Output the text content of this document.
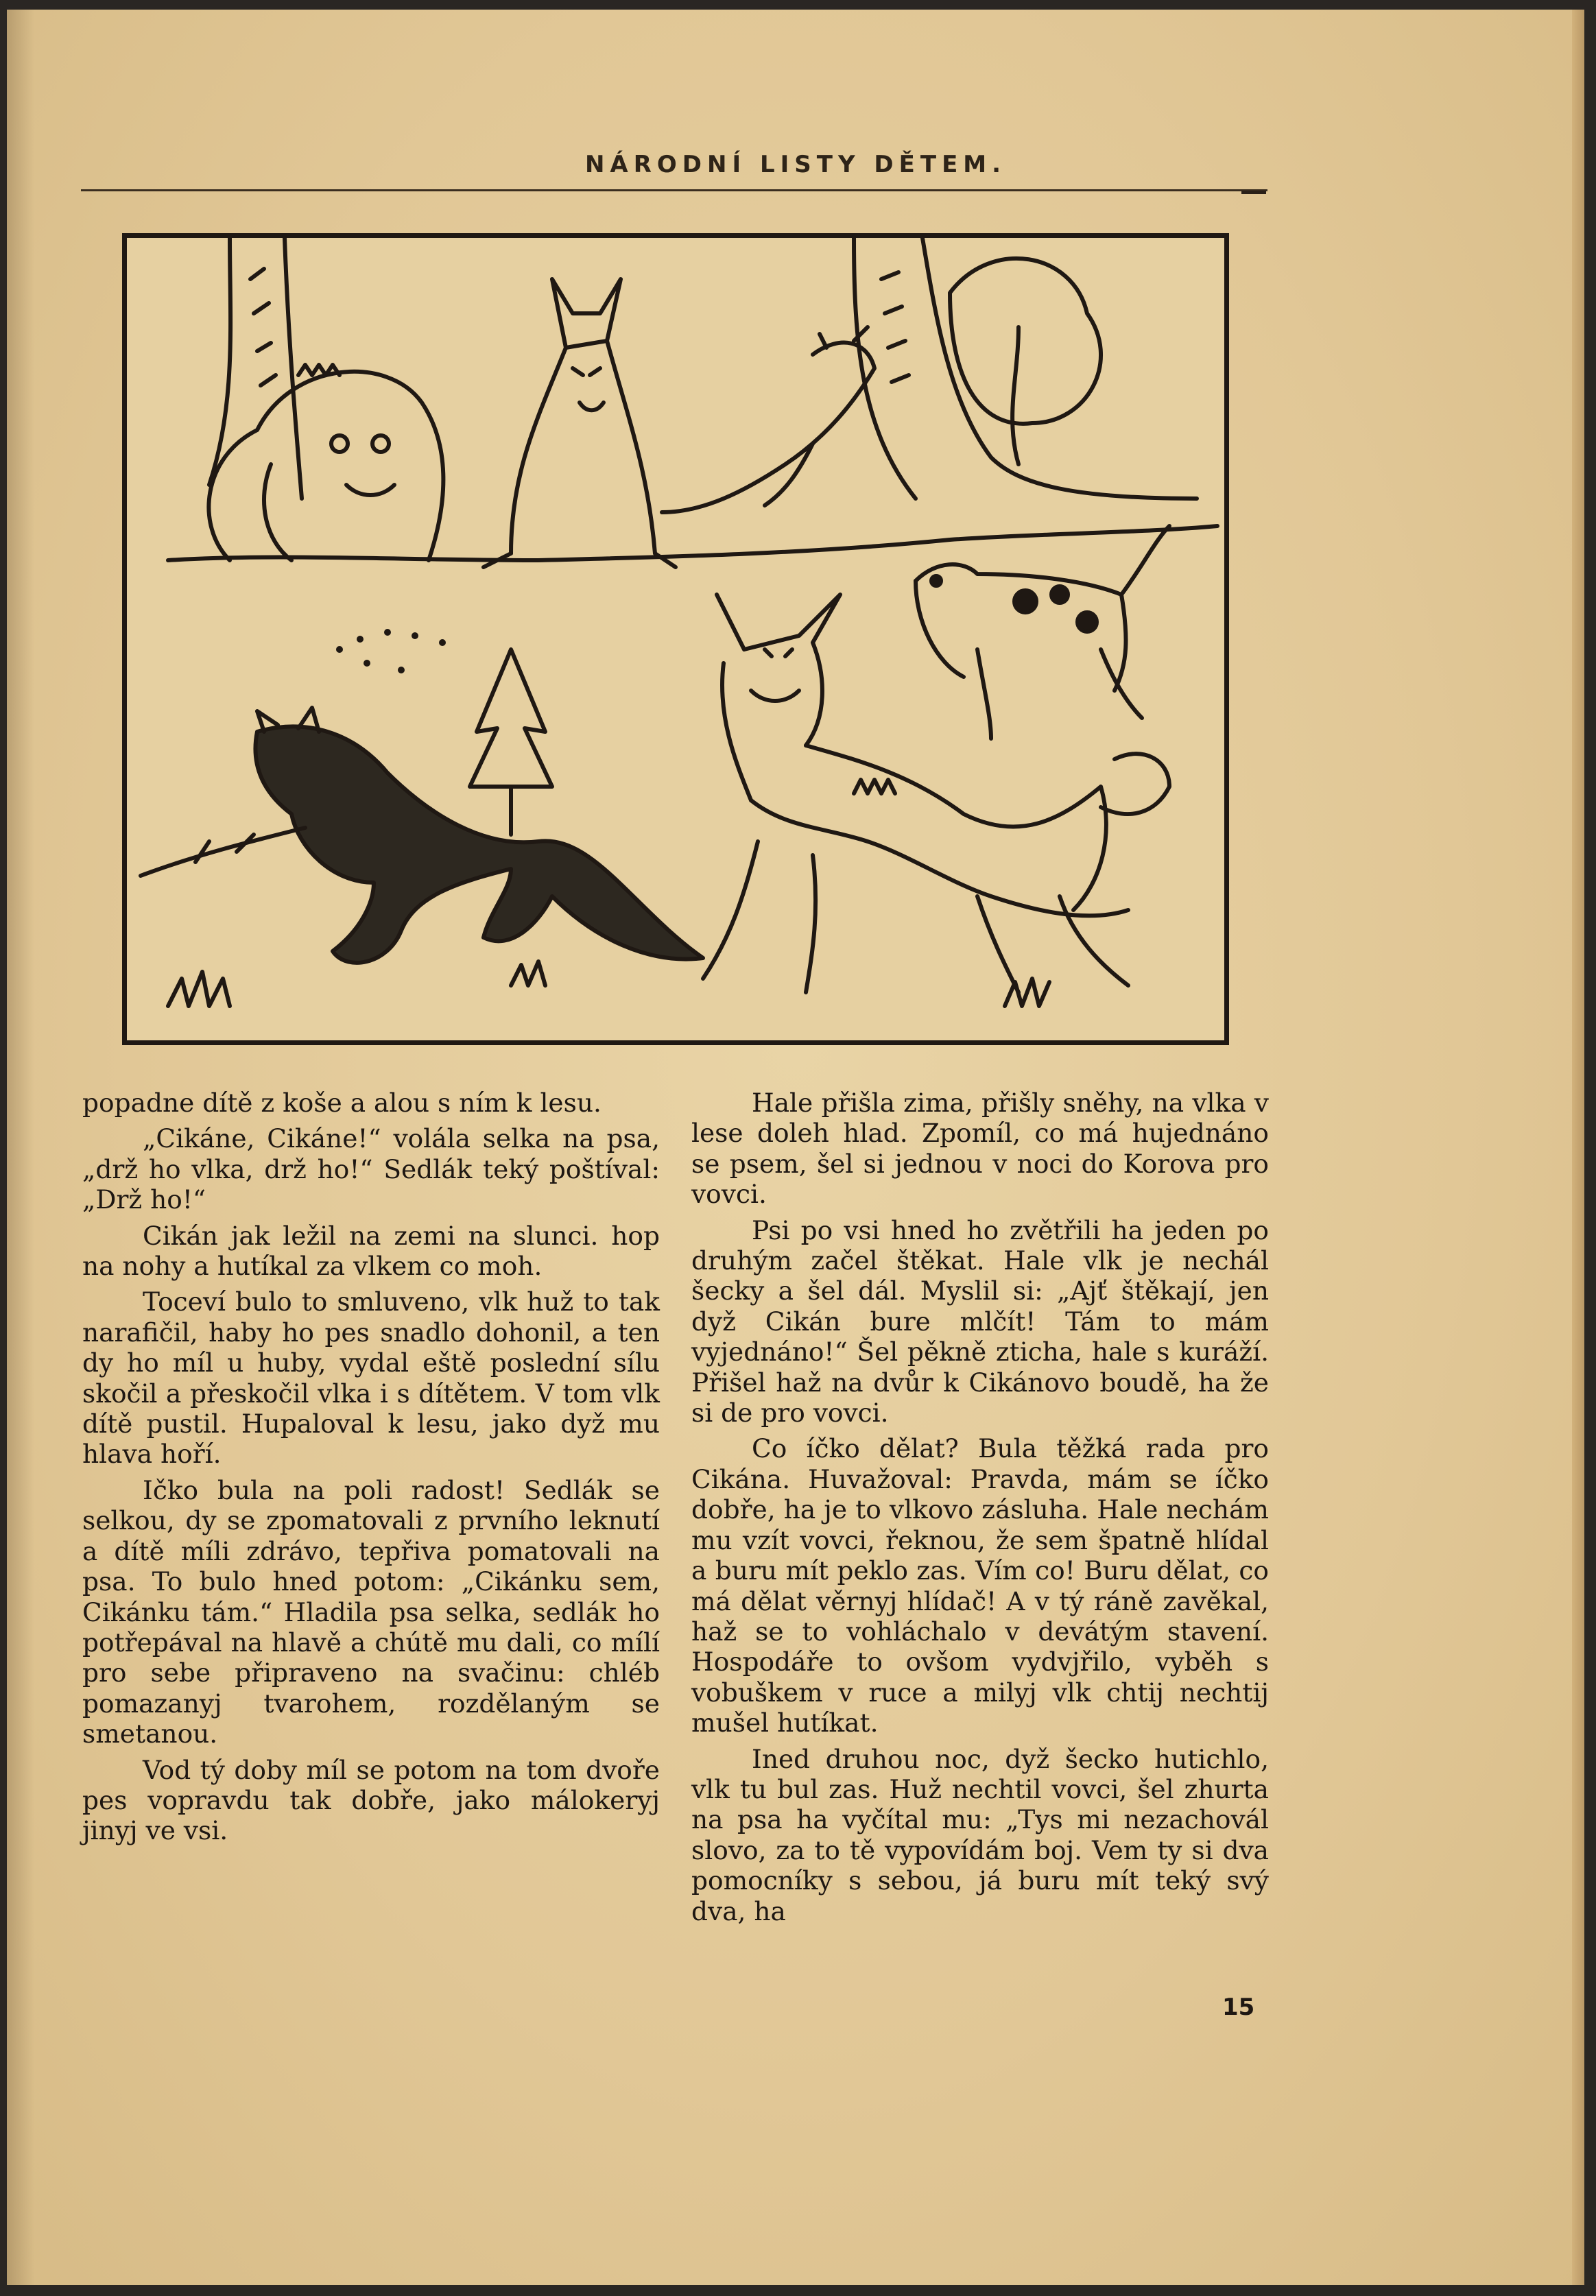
NÁRODNÍ LISTY DĚTEM.

popadne dítě z koše a alou s ním k lesu.

„Cikáne, Cikáne!“ volála selka na psa, „drž ho vlka, drž ho!“ Sedlák teký poštíval: „Drž ho!“

Cikán jak ležil na zemi na slunci. hop na nohy a hutíkal za vlkem co moh.

Toceví bulo to smluveno, vlk huž to tak narafičil, haby ho pes snadlo dohonil, a ten dy ho míl u huby, vydal eště poslední sílu skočil a přeskočil vlka i s dítětem. V tom vlk dítě pustil. Hupaloval k lesu, jako dyž mu hlava hoří.

Ičko bula na poli radost! Sedlák se selkou, dy se zpomatovali z prvního leknutí a dítě míli zdrávo, tepřiva pomatovali na psa. To bulo hned potom: „Cikánku sem, Cikánku tám.“ Hladila psa selka, sedlák ho potřepával na hlavě a chútě mu dali, co mílí pro sebe připraveno na svačinu: chléb pomazanyj tvarohem, rozdělaným se smetanou.

Vod tý doby míl se potom na tom dvoře pes vopravdu tak dobře, jako málokeryj jinyj ve vsi.

Hale přišla zima, přišly sněhy, na vlka v lese doleh hlad. Zpomíl, co má hujednáno se psem, šel si jednou v noci do Korova pro vovci.

Psi po vsi hned ho zvětřili ha jeden po druhým začel štěkat. Hale vlk je nechál šecky a šel dál. Myslil si: „Ajť štěkají, jen dyž Cikán bure mlčít! Tám to mám vyjednáno!“ Šel pěkně zticha, hale s kuráží. Přišel haž na dvůr k Cikánovo boudě, ha že si de pro vovci.

Co íčko dělat? Bula těžká rada pro Cikána. Huvažoval: Pravda, mám se íčko dobře, ha je to vlkovo zásluha. Hale nechám mu vzít vovci, řeknou, že sem špatně hlídal a buru mít peklo zas. Vím co! Buru dělat, co má dělat věrnyj hlídač! A v tý ráně zavěkal, haž se to vohláchalo v devátým stavení. Hospodáře to ovšom vydvjřilo, vyběh s vobuškem v ruce a milyj vlk chtij nechtij mušel hutíkat.

Ined druhou noc, dyž šecko hutichlo, vlk tu bul zas. Huž nechtil vovci, šel zhurta na psa ha vyčítal mu: „Tys mi nezachovál slovo, za to tě vypovídám boj. Vem ty si dva pomocníky s sebou, já buru mít teký svý dva, ha

15
